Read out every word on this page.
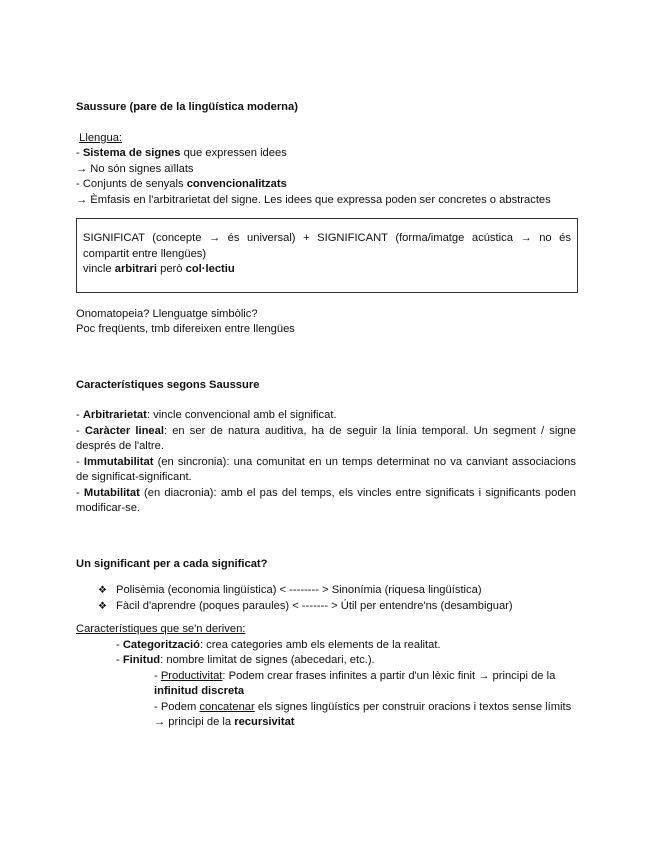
Saussure (pare de la lingüística moderna)

Llengua:

- Sistema de signes que expressen idees

→ No són signes aïllats

- Conjunts de senyals convencionalitzats

→ Èmfasis en l'arbitrarietat del signe. Les idees que expressa poden ser concretes o abstractes

SIGNIFICAT (concepte → és universal) + SIGNIFICANT (forma/imatge acústica → no és compartit entre llengües)

vincle arbitrari però col·lectiu

Onomatopeia? Llenguatge simbòlic?

Poc freqüents, tmb difereixen entre llengües

Característiques segons Saussure

- Arbitrarietat: vincle convencional amb el significat.

- Caràcter lineal: en ser de natura auditiva, ha de seguir la línia temporal. Un segment / signe després de l'altre.

- Immutabilitat (en sincronia): una comunitat en un temps determinat no va canviant associacions de significat-significant.

- Mutabilitat (en diacronia): amb el pas del temps, els vincles entre significats i significants poden modificar-se.

Un significant per a cada significat?

❖ Polisèmia (economia lingüística) < -------- > Sinonímia (riquesa lingüística)

❖ Fàcil d'aprendre (poques paraules) < ------- > Útil per entendre'ns (desambiguar)

Característiques que se'n deriven:

- Categorització: crea categories amb els elements de la realitat.

- Finitud: nombre limitat de signes (abecedari, etc.).

- Productivitat: Podem crear frases infinites a partir d'un lèxic finit → principi de la infinitud discreta

- Podem concatenar els signes lingüístics per construir oracions i textos sense límits → principi de la recursivitat
